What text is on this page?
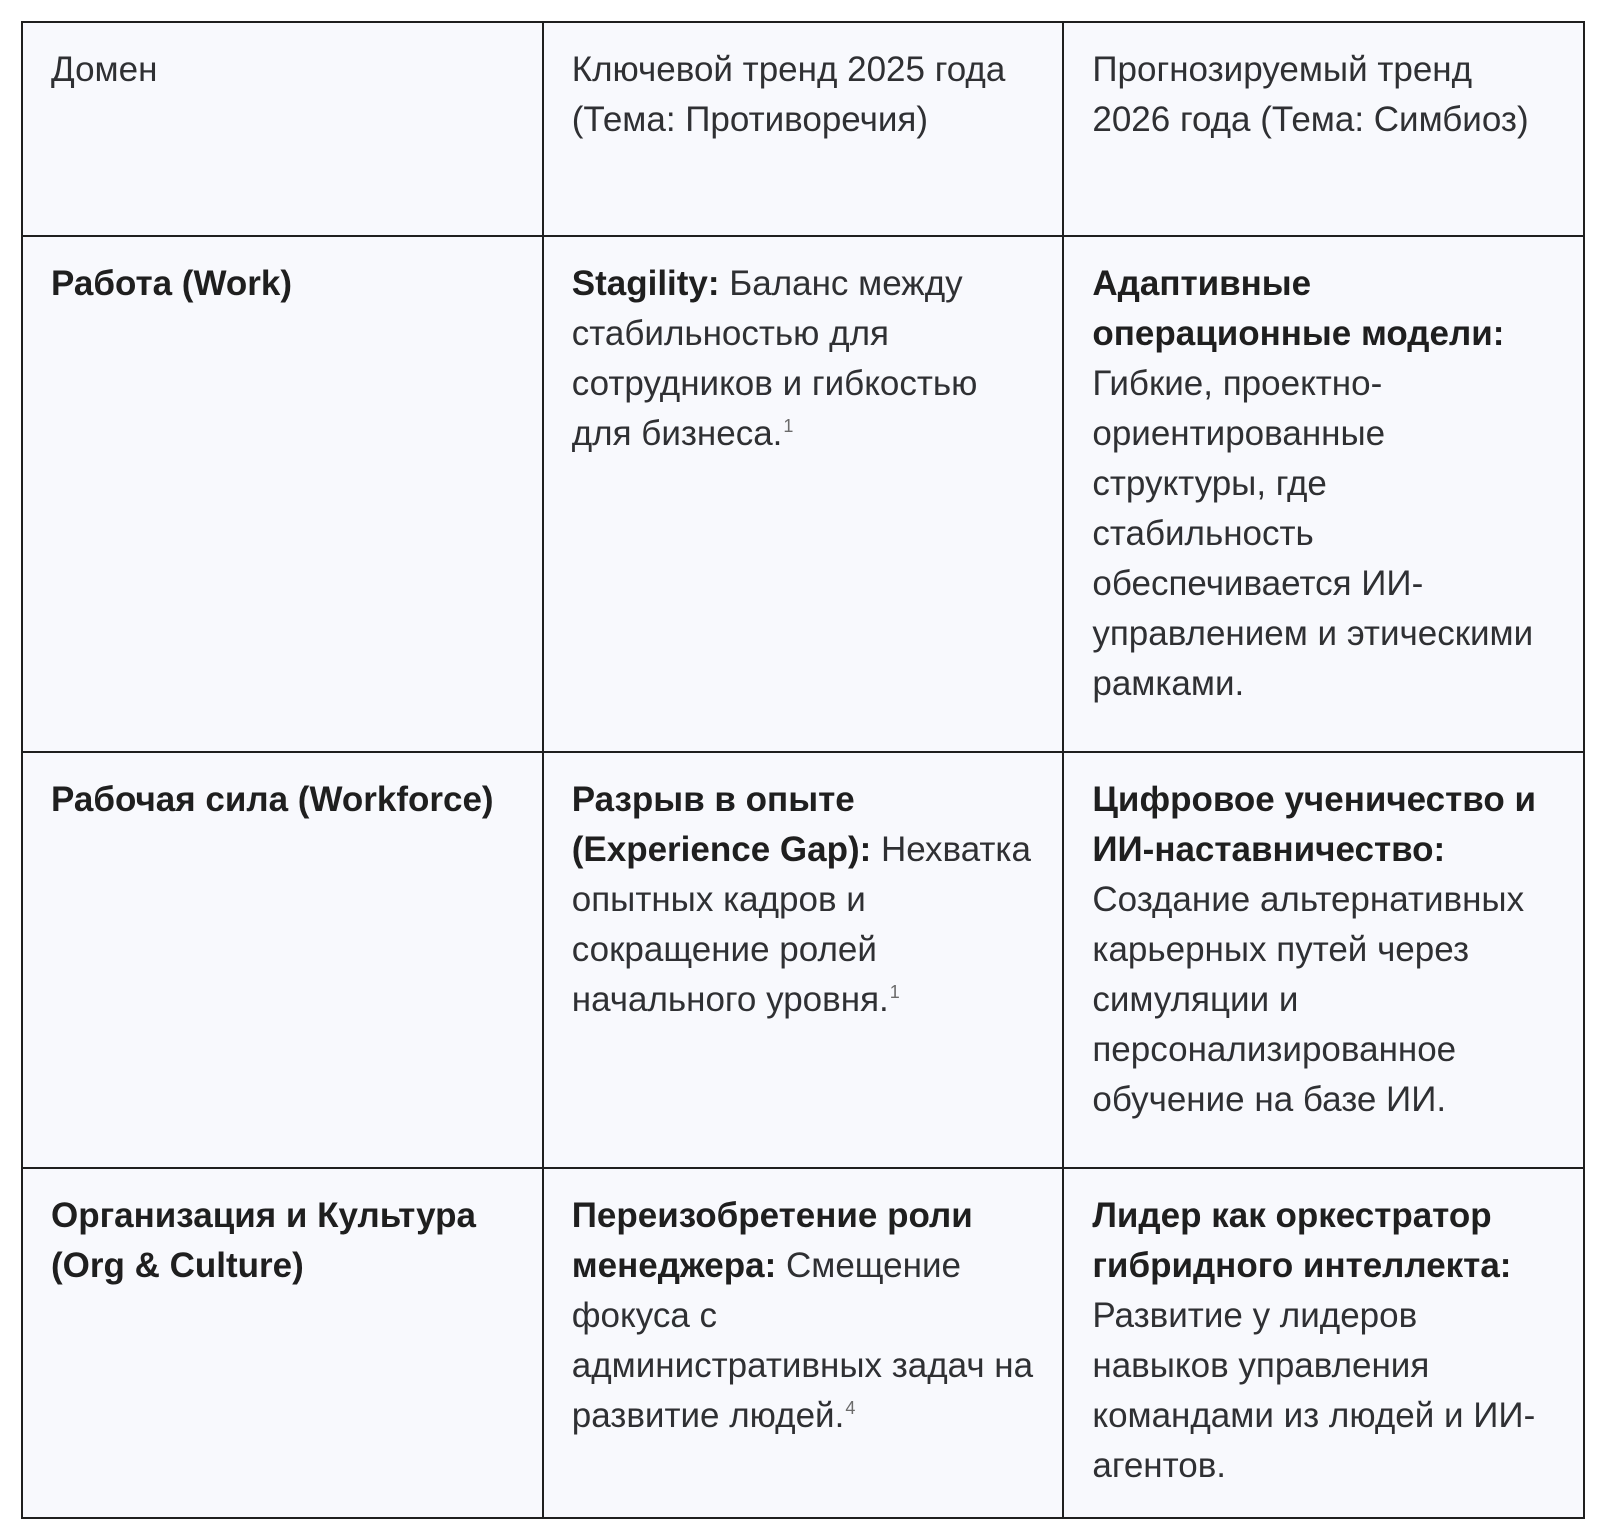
Домен	Ключевой тренд 2025 года (Тема: Противоречия)	Прогнозируемый тренд 2026 года (Тема: Симбиоз)
Работа (Work)	Stagility: Баланс между стабильностью для сотрудников и гибкостью для бизнеса.$^1$	Адаптивные операционные модели: Гибкие, проектно-ориентированные структуры, где стабильность обеспечивается ИИ-управлением и этическими рамками.
Рабочая сила (Workforce)	Разрыв в опыте (Experience Gap): Нехватка опытных кадров и сокращение ролей начального уровня.$^1$	Цифровое ученичество и ИИ-наставничество: Создание альтернативных карьерных путей через симуляции и персонализированное обучение на базе ИИ.
Организация и Культура (Org & Culture)	Переизобретение роли менеджера: Смещение фокуса с административных задач на развитие людей.$^4$	Лидер как оркестратор гибридного интеллекта: Развитие у лидеров навыков управления командами из людей и ИИ-агентов.
